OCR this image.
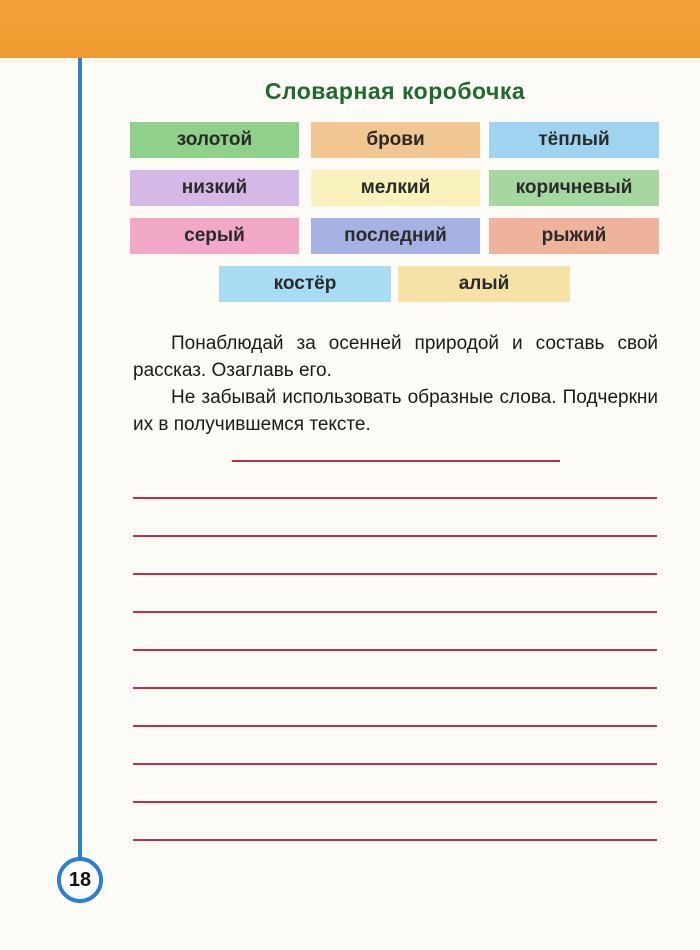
Словарная коробочка
золотой	брови	тёплый
низкий	мелкий	коричневый
серый	последний	рыжий
костёр	алый
Понаблюдай за осенней природой и составь свой рассказ. Озаглавь его.
Не забывай использовать образные слова. Подчеркни их в получившемся тексте.
18
